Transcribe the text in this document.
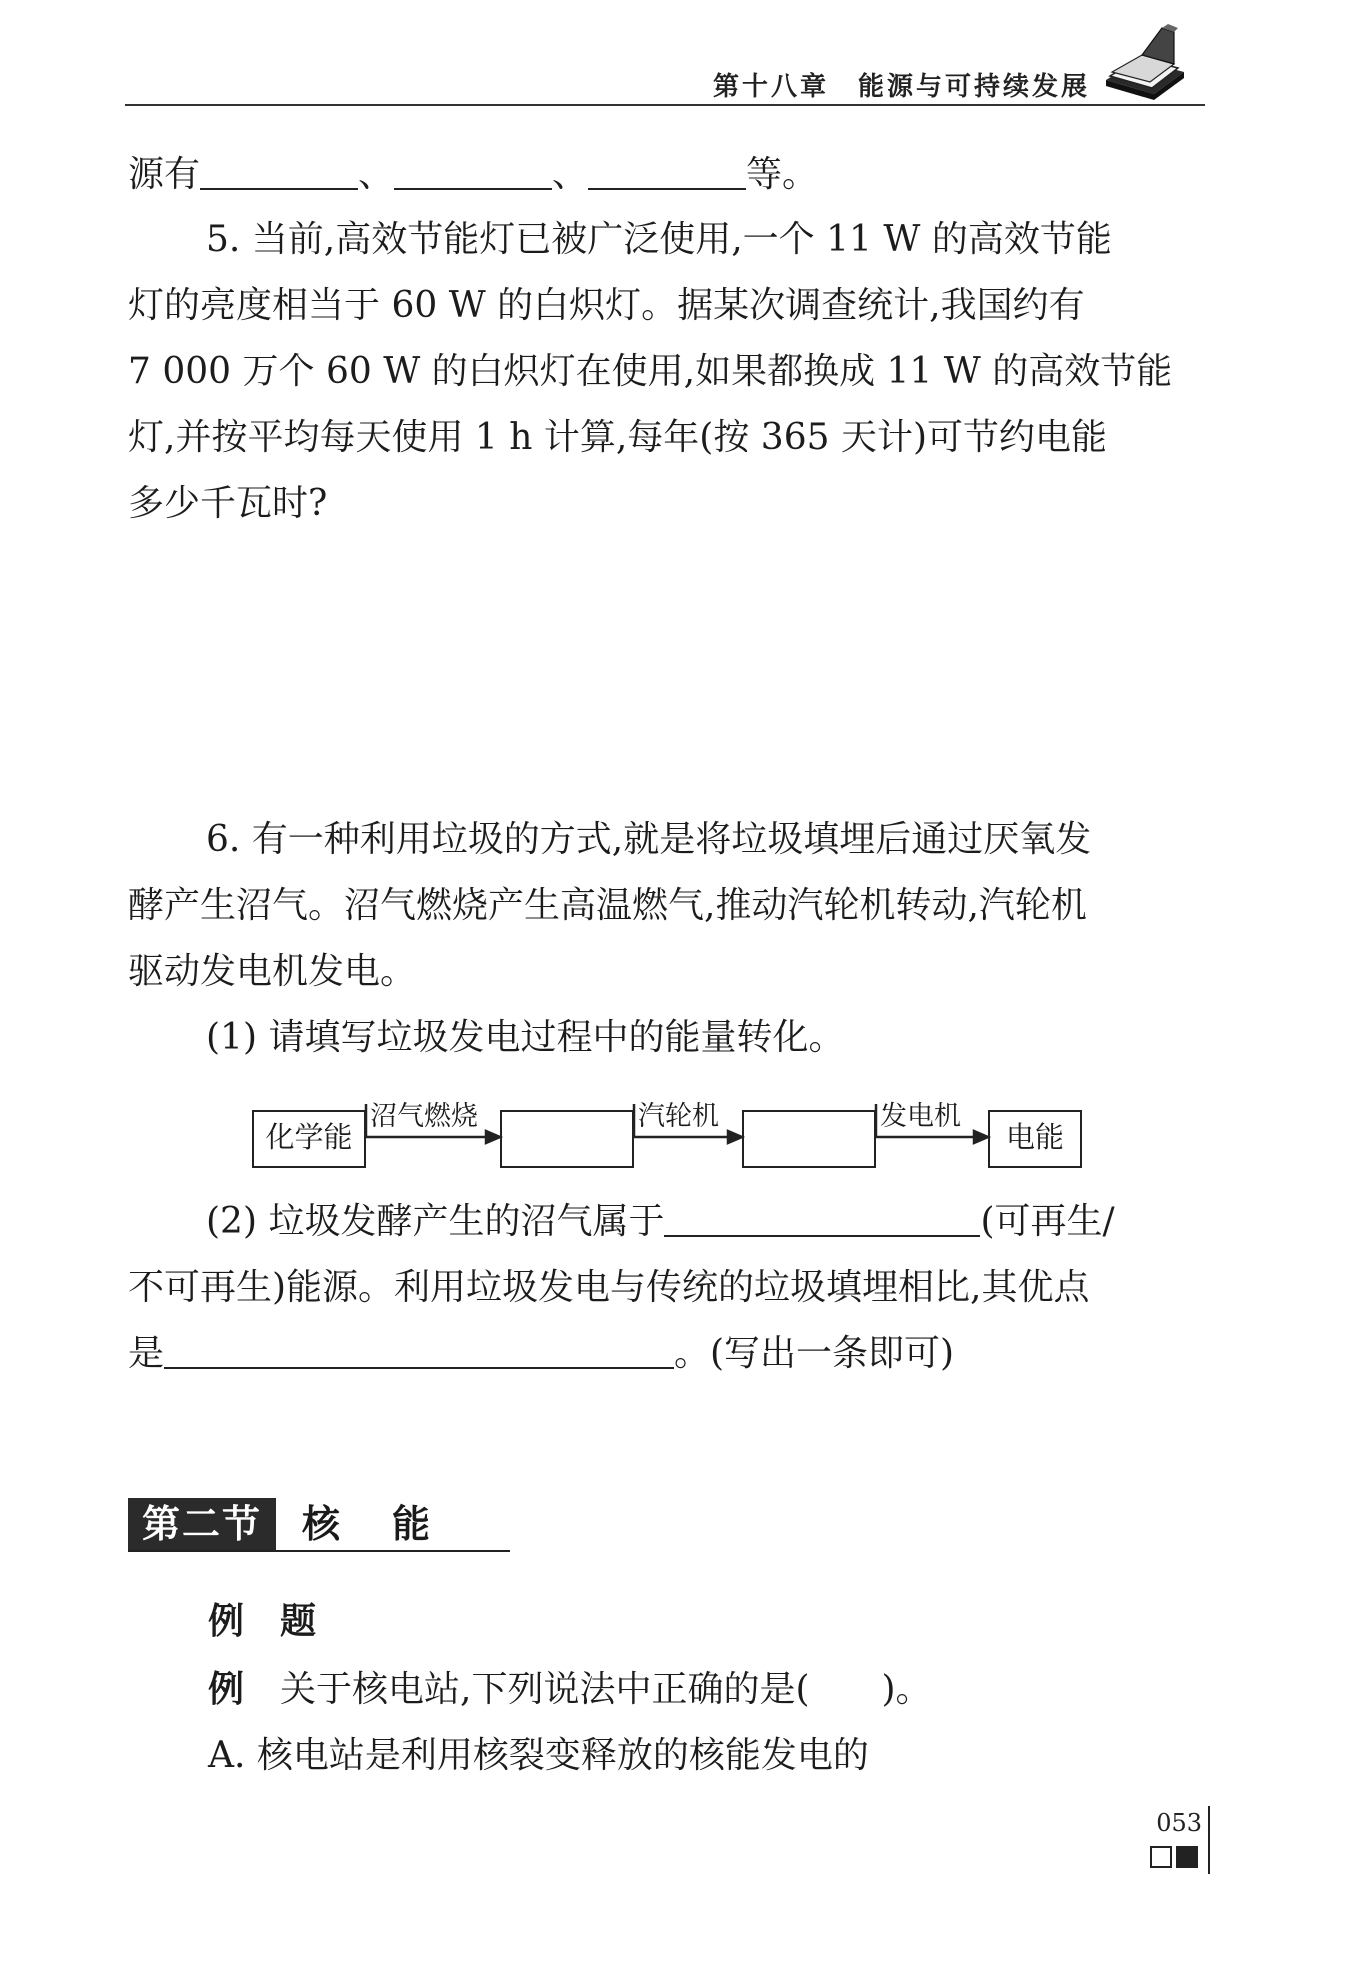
第十八章　能源与可持续发展
源有	、	、	等。
5. 当前,高效节能灯已被广泛使用,一个 11 W 的高效节能
灯的亮度相当于 60 W 的白炽灯。据某次调查统计,我国约有
7 000 万个 60 W 的白炽灯在使用,如果都换成 11 W 的高效节能
灯,并按平均每天使用 1 h 计算,每年(按 365 天计)可节约电能
多少千瓦时?
6. 有一种利用垃圾的方式,就是将垃圾填埋后通过厌氧发
酵产生沼气。沼气燃烧产生高温燃气,推动汽轮机转动,汽轮机
驱动发电机发电。
(1) 请填写垃圾发电过程中的能量转化。
化学能	电能
沼气燃烧	汽轮机	发电机
(2) 垃圾发酵产生的沼气属于	(可再生/
不可再生)能源。利用垃圾发电与传统的垃圾填埋相比,其优点
是	。(写出一条即可)
第二节	核能
例　题
例 关于核电站,下列说法中正确的是(　　)。
A. 核电站是利用核裂变释放的核能发电的
053
